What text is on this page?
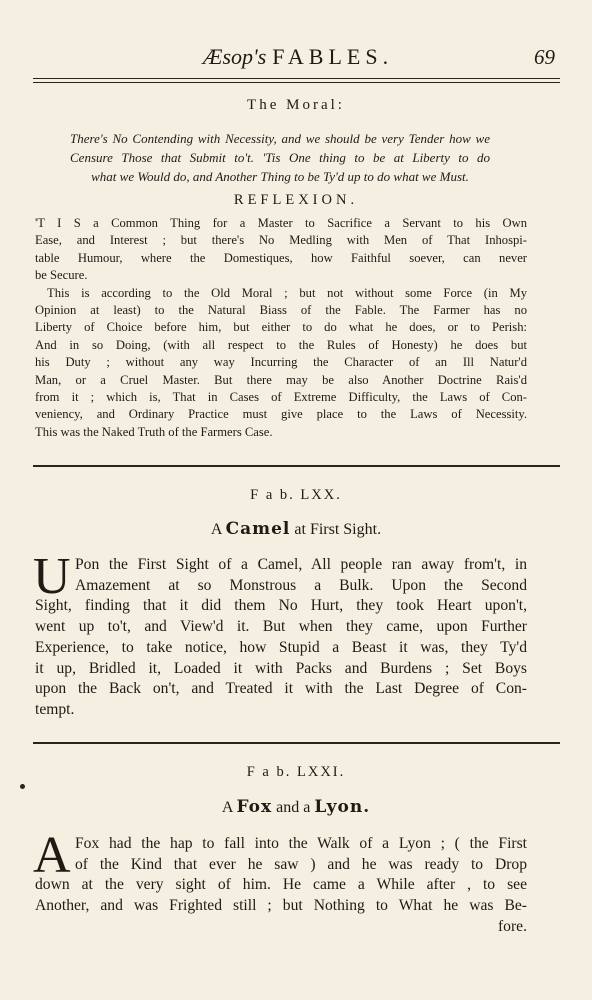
Æsop's FABLES.	69
The Moral:
There's No Contending with Necessity, and we should be very Tender how we
Censure Those that Submit to't. 'Tis One thing to be at Liberty to do
what we Would do, and Another Thing to be Ty'd up to do what we Must.
REFLEXION.
'T I S a Common Thing for a Master to Sacrifice a Servant to his Own
Ease, and Interest ; but there's No Medling with Men of That Inhospi-
table Humour, where the Domestiques, how Faithful soever, can never
be Secure.
This is according to the Old Moral ; but not without some Force (in My
Opinion at least) to the Natural Biass of the Fable. The Farmer has no
Liberty of Choice before him, but either to do what he does, or to Perish:
And in so Doing, (with all respect to the Rules of Honesty) he does but
his Duty ; without any way Incurring the Character of an Ill Natur'd
Man, or a Cruel Master. But there may be also Another Doctrine Rais'd
from it ; which is, That in Cases of Extreme Difficulty, the Laws of Con-
veniency, and Ordinary Practice must give place to the Laws of Necessity.
This was the Naked Truth of the Farmers Case.
F a b. LXX.
A Camel at First Sight.
U Pon the First Sight of a Camel, All people ran away from't, in
Amazement at so Monstrous a Bulk. Upon the Second
Sight, finding that it did them No Hurt, they took Heart upon't,
went up to't, and View'd it. But when they came, upon Further
Experience, to take notice, how Stupid a Beast it was, they Ty'd
it up, Bridled it, Loaded it with Packs and Burdens ; Set Boys
upon the Back on't, and Treated it with the Last Degree of Con-
tempt.
F a b. LXXI.
A Fox and a Lyon.
A Fox had the hap to fall into the Walk of a Lyon ; ( the First
of the Kind that ever he saw ) and he was ready to Drop
down at the very sight of him. He came a While after , to see
Another, and was Frighted still ; but Nothing to What he was Be-
fore.
